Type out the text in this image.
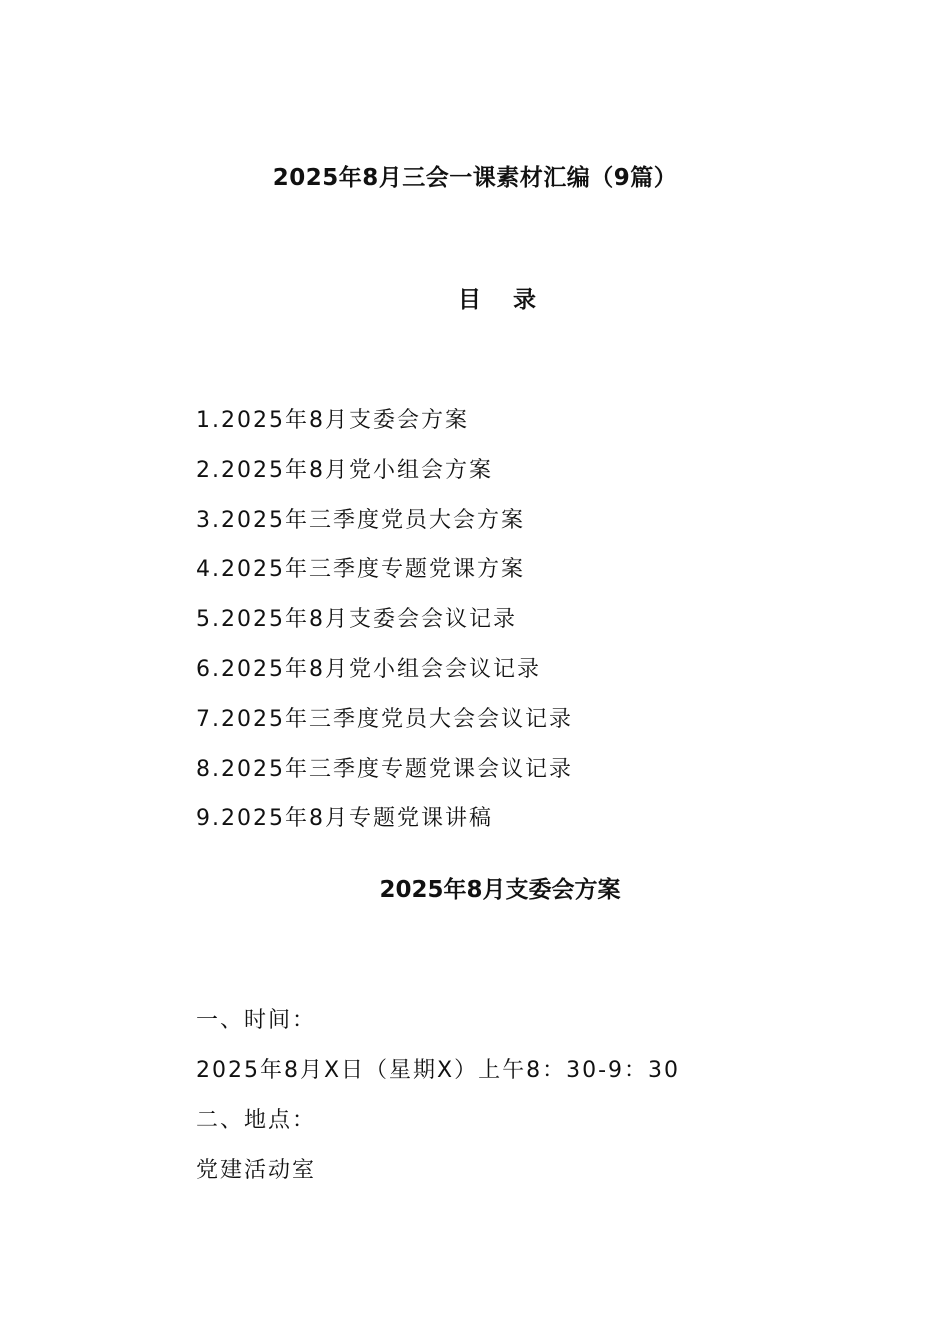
2025年8月三会一课素材汇编（9篇）
目 录
1.2025年8月支委会方案
2.2025年8月党小组会方案
3.2025年三季度党员大会方案
4.2025年三季度专题党课方案
5.2025年8月支委会会议记录
6.2025年8月党小组会会议记录
7.2025年三季度党员大会会议记录
8.2025年三季度专题党课会议记录
9.2025年8月专题党课讲稿
2025年8月支委会方案
一、时间：
2025年8月X日（星期X）上午8：30-9：30
二、地点：
党建活动室
